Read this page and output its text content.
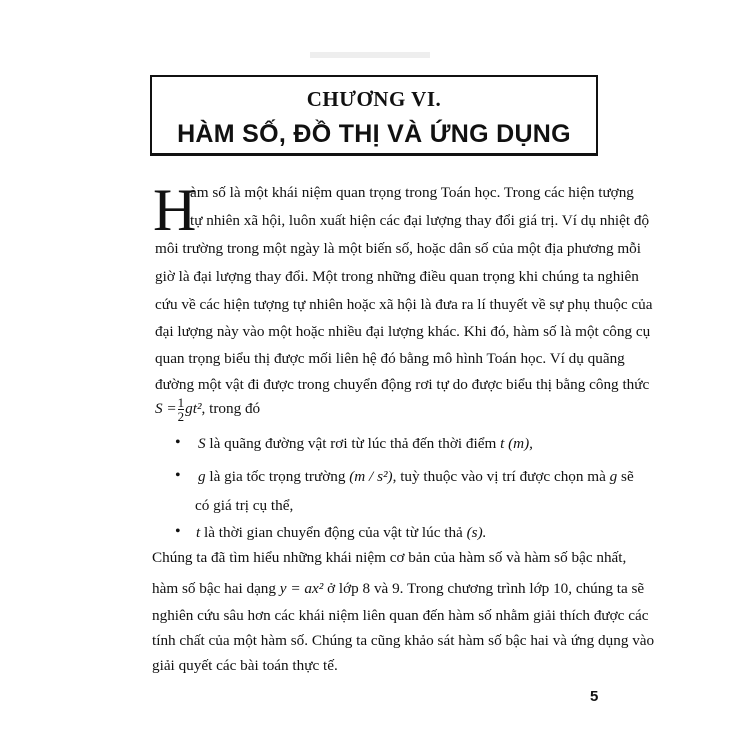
CHƯƠNG VI.
HÀM SỐ, ĐỒ THỊ VÀ ỨNG DỤNG
H
àm số là một khái niệm quan trọng trong Toán học. Trong các hiện tượng
tự nhiên xã hội, luôn xuất hiện các đại lượng thay đổi giá trị. Ví dụ nhiệt độ
môi trường trong một ngày là một biến số, hoặc dân số của một địa phương mỗi
giờ là đại lượng thay đổi. Một trong những điều quan trọng khi chúng ta nghiên
cứu về các hiện tượng tự nhiên hoặc xã hội là đưa ra lí thuyết về sự phụ thuộc của
đại lượng này vào một hoặc nhiều đại lượng khác. Khi đó, hàm số là một công cụ
quan trọng biểu thị được mối liên hệ đó bằng mô hình Toán học. Ví dụ quãng
đường một vật đi được trong chuyển động rơi tự do được biểu thị bằng công thức
$S = \frac{1}{2} gt^2$, trong đó
• S là quãng đường vật rơi từ lúc thả đến thời điểm t (m),
• g là gia tốc trọng trường (m / s²), tuỳ thuộc vào vị trí được chọn mà g sẽ
có giá trị cụ thể,
• t là thời gian chuyển động của vật từ lúc thả (s).
Chúng ta đã tìm hiểu những khái niệm cơ bản của hàm số và hàm số bậc nhất,
hàm số bậc hai dạng y = ax² ở lớp 8 và 9. Trong chương trình lớp 10, chúng ta sẽ
nghiên cứu sâu hơn các khái niệm liên quan đến hàm số nhằm giải thích được các
tính chất của một hàm số. Chúng ta cũng khảo sát hàm số bậc hai và ứng dụng vào
giải quyết các bài toán thực tế.
5
